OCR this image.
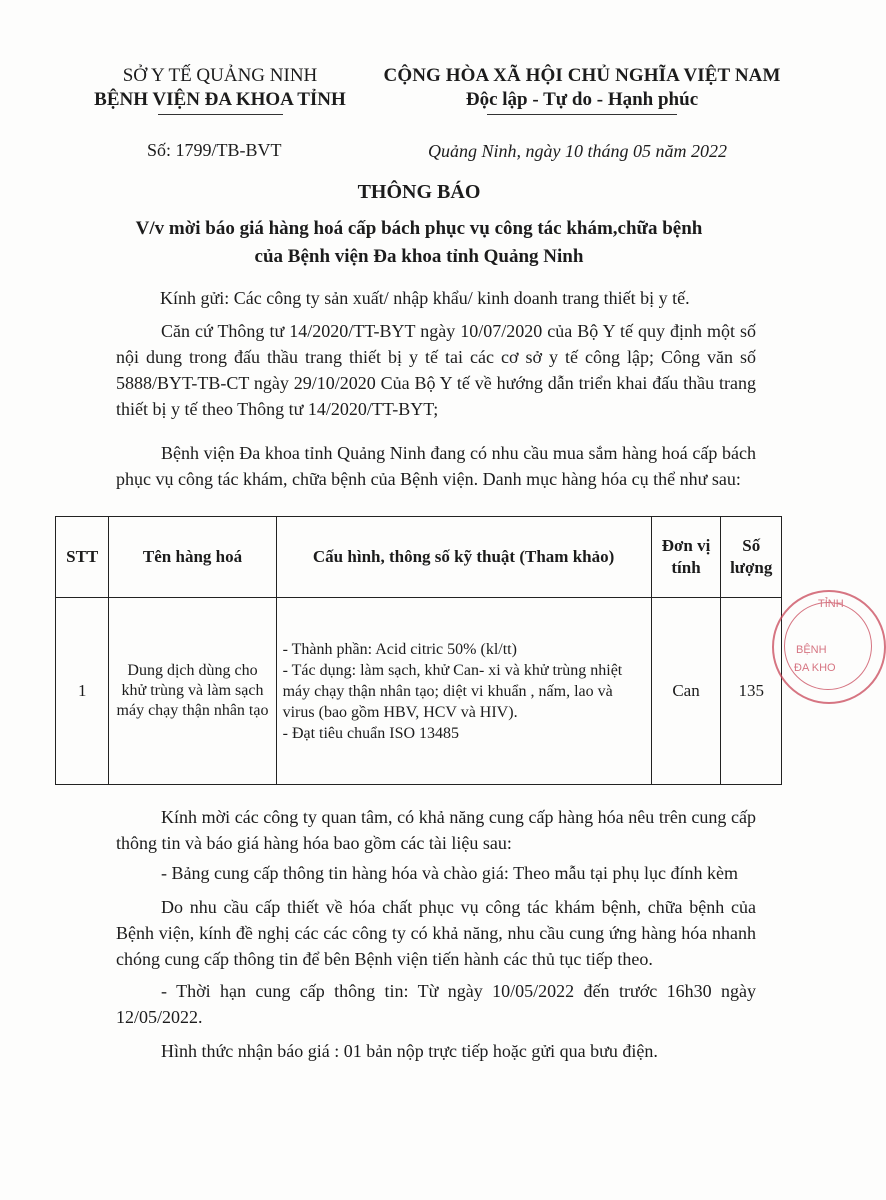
SỞ Y TẾ QUẢNG NINH
BỆNH VIỆN ĐA KHOA TỈNH
CỘNG HÒA XÃ HỘI CHỦ NGHĨA VIỆT NAM
Độc lập - Tự do - Hạnh phúc
Số: 1799/TB-BVT	Quảng Ninh, ngày 10 tháng 05 năm 2022
THÔNG BÁO
V/v mời báo giá hàng hoá cấp bách phục vụ công tác khám,chữa bệnh
của Bệnh viện Đa khoa tỉnh Quảng Ninh
Kính gửi: Các công ty sản xuất/ nhập khẩu/ kinh doanh trang thiết bị y tế.
Căn cứ Thông tư 14/2020/TT-BYT ngày 10/07/2020 của Bộ Y tế quy định một số nội dung trong đấu thầu trang thiết bị y tế tai các cơ sở y tế công lập; Công văn số 5888/BYT-TB-CT ngày 29/10/2020 Của Bộ Y tế về hướng dẫn triển khai đấu thầu trang thiết bị y tế theo Thông tư 14/2020/TT-BYT;
Bệnh viện Đa khoa tỉnh Quảng Ninh đang có nhu cầu mua sắm hàng hoá cấp bách phục vụ công tác khám, chữa bệnh của Bệnh viện. Danh mục hàng hóa cụ thể như sau:
STT	Tên hàng hoá	Cấu hình, thông số kỹ thuật (Tham khảo)	Đơn vị tính	Số lượng
1	Dung dịch dùng cho khử trùng và làm sạch máy chạy thận nhân tạo	- Thành phần: Acid citric 50% (kl/tt)
- Tác dụng: làm sạch, khử Can- xi và khử trùng nhiệt máy chạy thận nhân tạo; diệt vi khuẩn , nấm, lao và virus (bao gồm HBV, HCV và HIV).
- Đạt tiêu chuẩn ISO 13485	Can	135
TỈNH
BỆNH
ĐA KHO
Kính mời các công ty quan tâm, có khả năng cung cấp hàng hóa nêu trên cung cấp thông tin và báo giá hàng hóa bao gồm các tài liệu sau:
- Bảng cung cấp thông tin hàng hóa và chào giá: Theo mẫu tại phụ lục đính kèm
Do nhu cầu cấp thiết về hóa chất phục vụ công tác khám bệnh, chữa bệnh của Bệnh viện, kính đề nghị các các công ty có khả năng, nhu cầu cung ứng hàng hóa nhanh chóng cung cấp thông tin để bên Bệnh viện tiến hành các thủ tục tiếp theo.
- Thời hạn cung cấp thông tin: Từ ngày 10/05/2022 đến trước 16h30 ngày 12/05/2022.
Hình thức nhận báo giá : 01 bản nộp trực tiếp hoặc gửi qua bưu điện.
